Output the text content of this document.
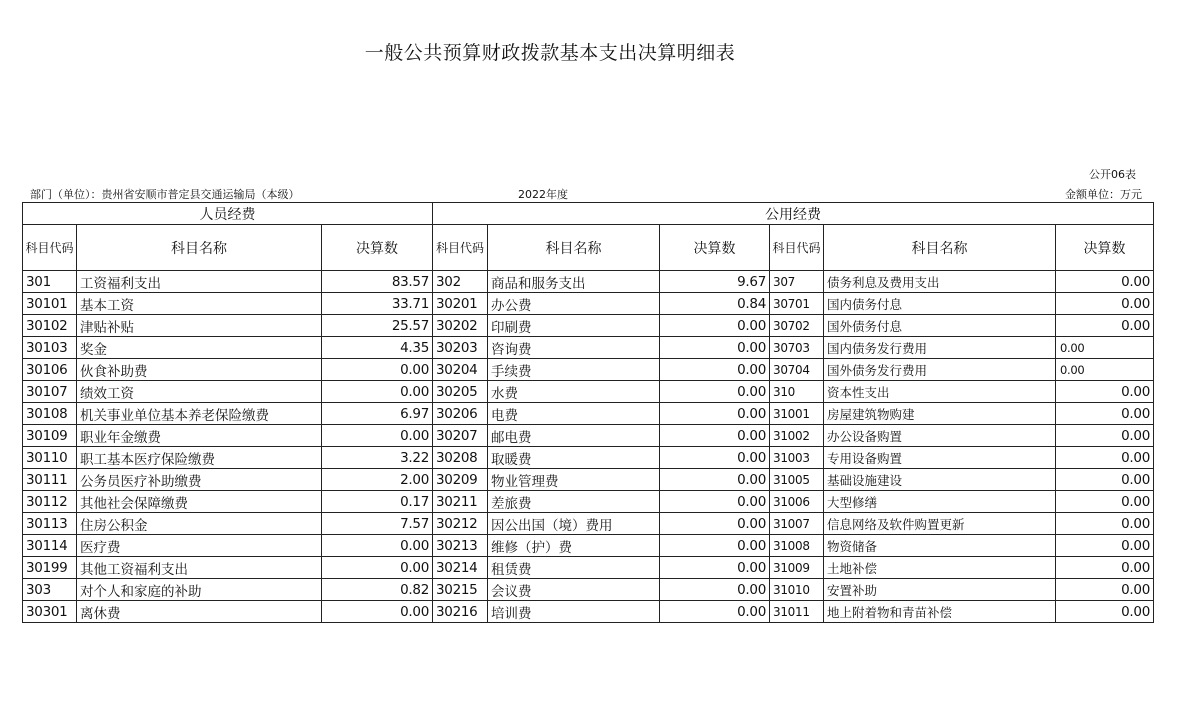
一般公共预算财政拨款基本支出决算明细表
公开06表
部门（单位）：贵州省安顺市普定县交通运输局（本级）	2022年度	金额单位：万元
人员经费			公用经费					
科目代码	科目名称	决算数	科目代码	科目名称	决算数	科目代码	科目名称	决算数
301	工资福利支出	83.57	302	商品和服务支出	9.67	307	债务利息及费用支出	0.00
30101	基本工资	33.71	30201	办公费	0.84	30701	国内债务付息	0.00
30102	津贴补贴	25.57	30202	印刷费	0.00	30702	国外债务付息	0.00
30103	奖金	4.35	30203	咨询费	0.00	30703	国内债务发行费用	0.00
30106	伙食补助费	0.00	30204	手续费	0.00	30704	国外债务发行费用	0.00
30107	绩效工资	0.00	30205	水费	0.00	310	资本性支出	0.00
30108	机关事业单位基本养老保险缴费	6.97	30206	电费	0.00	31001	房屋建筑物购建	0.00
30109	职业年金缴费	0.00	30207	邮电费	0.00	31002	办公设备购置	0.00
30110	职工基本医疗保险缴费	3.22	30208	取暖费	0.00	31003	专用设备购置	0.00
30111	公务员医疗补助缴费	2.00	30209	物业管理费	0.00	31005	基础设施建设	0.00
30112	其他社会保障缴费	0.17	30211	差旅费	0.00	31006	大型修缮	0.00
30113	住房公积金	7.57	30212	因公出国（境）费用	0.00	31007	信息网络及软件购置更新	0.00
30114	医疗费	0.00	30213	维修（护）费	0.00	31008	物资储备	0.00
30199	其他工资福利支出	0.00	30214	租赁费	0.00	31009	土地补偿	0.00
303	对个人和家庭的补助	0.82	30215	会议费	0.00	31010	安置补助	0.00
30301	离休费	0.00	30216	培训费	0.00	31011	地上附着物和青苗补偿	0.00
